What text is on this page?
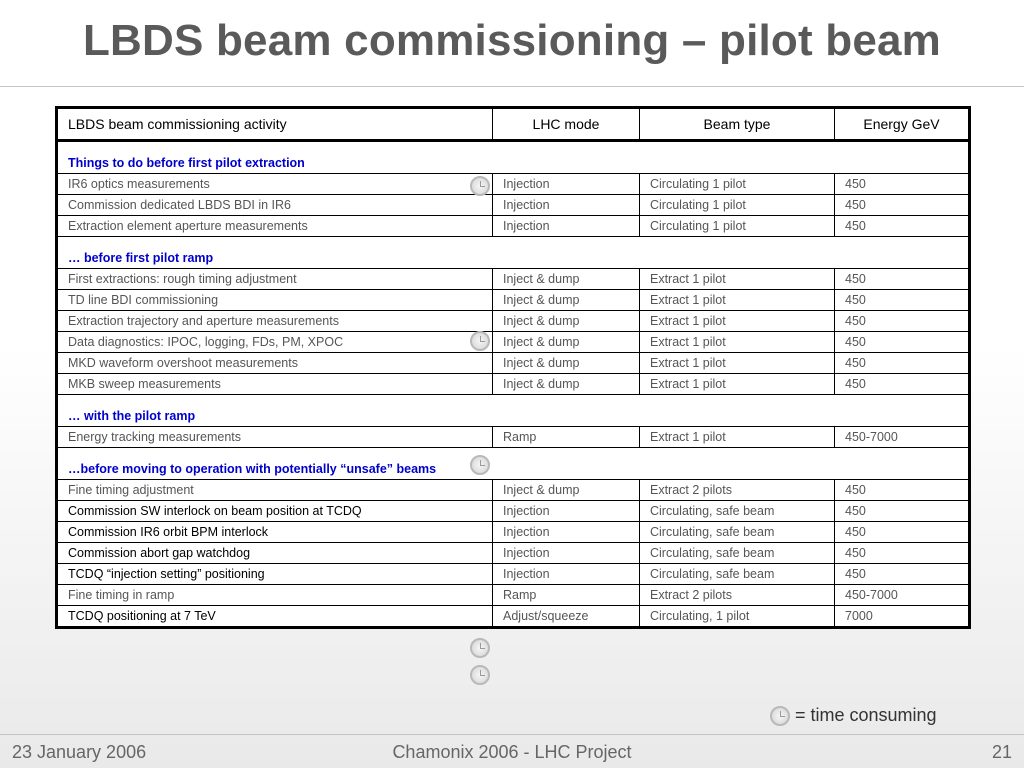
LBDS beam commissioning – pilot beam
LBDS beam commissioning activity	LHC mode	Beam type	Energy GeV
Things to do before first pilot extraction			
IR6 optics measurements	Injection	Circulating 1 pilot	450
Commission dedicated LBDS BDI in IR6	Injection	Circulating 1 pilot	450
Extraction element aperture measurements	Injection	Circulating 1 pilot	450
… before first pilot ramp			
First extractions: rough timing adjustment	Inject & dump	Extract 1 pilot	450
TD line BDI commissioning	Inject & dump	Extract 1 pilot	450
Extraction trajectory and aperture measurements	Inject & dump	Extract 1 pilot	450
Data diagnostics: IPOC, logging, FDs, PM, XPOC	Inject & dump	Extract 1 pilot	450
MKD waveform overshoot measurements	Inject & dump	Extract 1 pilot	450
MKB sweep measurements	Inject & dump	Extract 1 pilot	450
… with the pilot ramp			
Energy tracking measurements	Ramp	Extract 1 pilot	450-7000
…before moving to operation with potentially “unsafe” beams			
Fine timing adjustment	Inject & dump	Extract 2 pilots	450
Commission SW interlock on beam position at TCDQ	Injection	Circulating, safe beam	450
Commission IR6 orbit BPM interlock	Injection	Circulating, safe beam	450
Commission abort gap watchdog	Injection	Circulating, safe beam	450
TCDQ “injection setting” positioning	Injection	Circulating, safe beam	450
Fine timing in ramp	Ramp	Extract 2 pilots	450-7000
TCDQ positioning at 7 TeV	Adjust/squeeze	Circulating, 1 pilot	7000
= time consuming
23 January 2006	Chamonix 2006 - LHC Project	21
